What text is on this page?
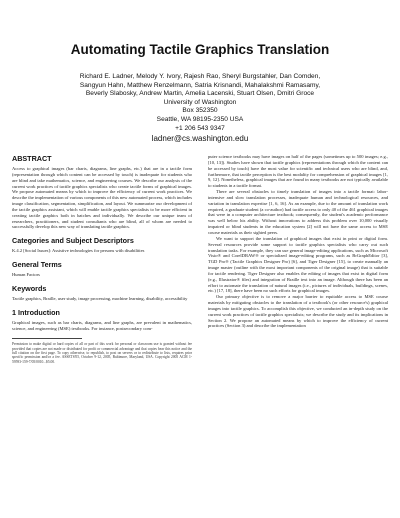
Automating Tactile Graphics Translation
Richard E. Ladner, Melody Y. Ivory, Rajesh Rao, Sheryl Burgstahler, Dan Comden,
Sangyun Hahn, Matthew Renzelmann, Satria Krisnandi, Mahalakshmi Ramasamy,
Beverly Slabosky, Andrew Martin, Amelia Lacenski, Stuart Olsen, Dmitri Groce
University of Washington
Box 352350
Seattle, WA 98195-2350 USA
+1 206 543 9347
ladner@cs.washington.edu
ABSTRACT

Access to graphical images (bar charts, diagrams, line graphs, etc.) that are in a tactile form (representation through which content can be accessed by touch) is inadequate for students who are blind and take mathematics, science, and engineering courses. We describe our analysis of the current work practices of tactile graphics specialists who create tactile forms of graphical images. We propose automated means by which to improve the efficiency of current work practices. We describe the implementation of various components of this new automated process, which includes image classification, segmentation, simplification, and layout. We summarize our development of the tactile graphics assistant, which will enable tactile graphics specialists to be more efficient in creating tactile graphics both in batches and individually. We describe our unique team of researchers, practitioners, and student consultants who are blind, all of whom are needed to successfully develop this new way of translating tactile graphics.

Categories and Subject Descriptors

K.4.2 [Social Issues]: Assistive technologies for persons with disabilities

General Terms

Human Factors

Keywords

Tactile graphics, Braille, user study, image processing, machine learning, disability, accessibility

1 Introduction

Graphical images, such as bar charts, diagrams, and line graphs, are prevalent in mathematics, science, and engineering (MSE) textbooks. For instance, postsecondary com-

Permission to make digital or hard copies of all or part of this work for personal or classroom use is granted without fee provided that copies are not made or distributed for profit or commercial advantage and that copies bear this notice and the full citation on the first page. To copy otherwise, to republish, to post on servers or to redistribute to lists, requires prior specific permission and/or a fee. ASSETS'05, October 9-12, 2005, Baltimore, Maryland, USA. Copyright 2005 ACM 1-59593-159-7/05/0010...$5.00.

puter science textbooks may have images on half of the pages (sometimes up to 500 images; e.g., [10, 13]). Studies have shown that tactile graphics (representations through which the content can be accessed by touch) have the most value for scientific and technical users who are blind, and, furthermore, that tactile perception is the best modality for comprehension of graphical images [1, 9, 12]. Nonetheless, graphical images that are found in many textbooks are not typically available to students in a tactile format.

There are several obstacles to timely translation of images into a tactile format: labor-intensive and slow translation processes, inadequate human and technological resources, and variation in translation expertise [1, 6, 16]. As an example, due to the amount of translation work required, a graduate student (a co-author) had tactile access to only 40 of the 461 graphical images that were in a computer architecture textbook; consequently, the student's academic performance was well below his ability. Without innovations to address this problem over 10,000 visually impaired or blind students in the education system [2] will not have the same access to MSE course materials as their sighted peers.

We want to support the translation of graphical images that exist in print or digital form. Several resources provide some support to tactile graphics specialists who carry out such translation tasks. For example, they can use general image-editing applications, such as Microsoft Visio® and CorelDRAW® or specialized image-editing programs, such as BrGraphEditor [3], TGD Pro® (Tactile Graphics Designer Pro) [6], and Tiger Designer [15], to create manually an image master (outline with the most important components of the original image) that is suitable for tactile rendering. Tiger Designer also enables the editing of images that exist in digital form (e.g., Illustrator® files) and integration of Braille text into an image. Although there has been an effort to automate the translation of natural images (i.e., pictures of individuals, buildings, scenes, etc.) [17, 18], there have been no such efforts for graphical images.

Our primary objective is to remove a major barrier to equitable access to MSE course materials by mitigating obstacles to the translation of a textbook's (or other resource's) graphical images into tactile graphics. To accomplish this objective, we conducted an in-depth study on the current work practices of tactile graphics specialists; we describe the study and its implications in Section 2. We propose an automated means by which to improve the efficiency of current practices (Section 3) and describe the implementation
